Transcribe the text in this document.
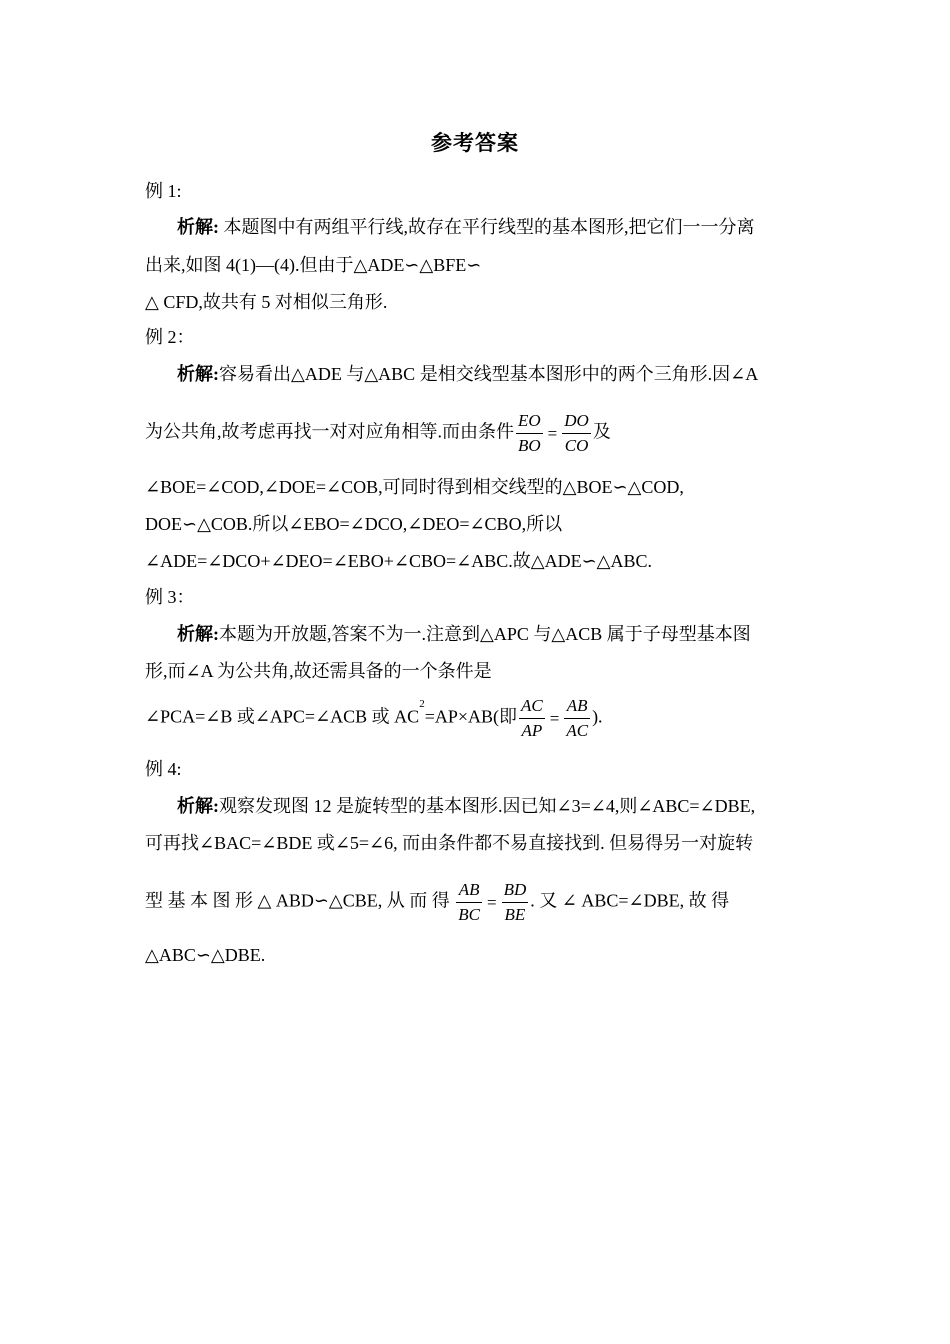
参考答案
例 1:
析解: 本题图中有两组平行线,故存在平行线型的基本图形,把它们一一分离
出来,如图 4(1)—(4).但由于△ADE∽△BFE∽
△ CFD,故共有 5 对相似三角形.
例 2：
析解:容易看出△ADE 与△ABC 是相交线型基本图形中的两个三角形.因∠A
为公共角,故考虑再找一对对应角相等.而由条件 $\frac{EO}{BO} = \frac{DO}{CO}$ 及
∠BOE=∠COD,∠DOE=∠COB,可同时得到相交线型的△BOE∽△COD,
DOE∽△COB.所以∠EBO=∠DCO,∠DEO=∠CBO,所以
∠ADE=∠DCO+∠DEO=∠EBO+∠CBO=∠ABC.故△ADE∽△ABC.
例 3：
析解:本题为开放题,答案不为一.注意到△APC 与△ACB 属于子母型基本图
形,而∠A 为公共角,故还需具备的一个条件是
∠PCA=∠B 或∠APC=∠ACB 或 $AC^2=AP\times AB$(即 $\frac{AC}{AP} = \frac{AB}{AC}$ ).
例 4:
析解:观察发现图 12 是旋转型的基本图形.因已知∠3=∠4,则∠ABC=∠DBE,
可再找∠BAC=∠BDE 或∠5=∠6, 而由条件都不易直接找到. 但易得另一对旋转
型 基 本 图 形 △ ABD∽△CBE, 从 而 得 $\frac{AB}{BC} = \frac{BD}{BE}$ . 又 ∠ ABC=∠DBE, 故 得
△ABC∽△DBE.
